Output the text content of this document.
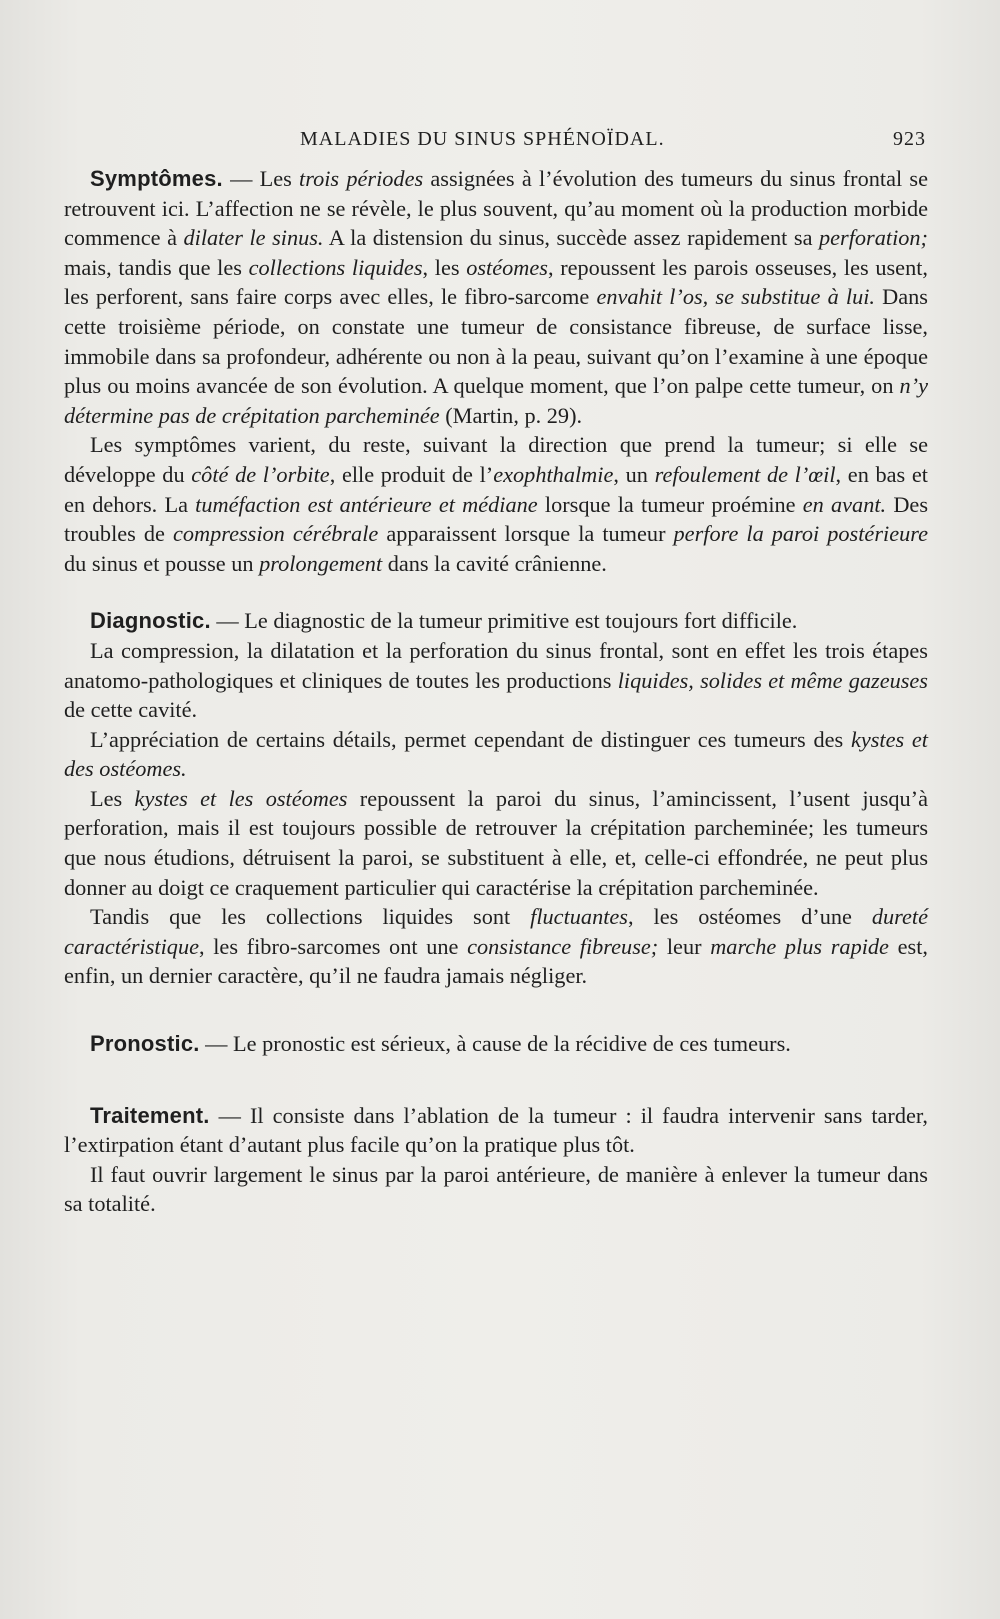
MALADIES DU SINUS SPHÉNOÏDAL.	923

Symptômes. — Les trois périodes assignées à l’évolution des tumeurs du sinus frontal se retrouvent ici. L’affection ne se révèle, le plus souvent, qu’au moment où la production morbide commence à dilater le sinus. A la distension du sinus, succède assez rapidement sa perforation; mais, tandis que les collections liquides, les ostéomes, repoussent les parois osseuses, les usent, les perforent, sans faire corps avec elles, le fibro-sarcome envahit l’os, se substitue à lui. Dans cette troisième période, on constate une tumeur de consistance fibreuse, de surface lisse, immobile dans sa profondeur, adhérente ou non à la peau, suivant qu’on l’examine à une époque plus ou moins avancée de son évolution. A quelque moment, que l’on palpe cette tumeur, on n’y détermine pas de crépitation parcheminée (Martin, p. 29).

Les symptômes varient, du reste, suivant la direction que prend la tumeur; si elle se développe du côté de l’orbite, elle produit de l’exophthalmie, un refoulement de l’œil, en bas et en dehors. La tuméfaction est antérieure et médiane lorsque la tumeur proémine en avant. Des troubles de compression cérébrale apparaissent lorsque la tumeur perfore la paroi postérieure du sinus et pousse un prolongement dans la cavité crânienne.

Diagnostic. — Le diagnostic de la tumeur primitive est toujours fort difficile.

La compression, la dilatation et la perforation du sinus frontal, sont en effet les trois étapes anatomo-pathologiques et cliniques de toutes les productions liquides, solides et même gazeuses de cette cavité.

L’appréciation de certains détails, permet cependant de distinguer ces tumeurs des kystes et des ostéomes.

Les kystes et les ostéomes repoussent la paroi du sinus, l’amincissent, l’usent jusqu’à perforation, mais il est toujours possible de retrouver la crépitation parcheminée; les tumeurs que nous étudions, détruisent la paroi, se substituent à elle, et, celle-ci effondrée, ne peut plus donner au doigt ce craquement particulier qui caractérise la crépitation parcheminée.

Tandis que les collections liquides sont fluctuantes, les ostéomes d’une dureté caractéristique, les fibro-sarcomes ont une consistance fibreuse; leur marche plus rapide est, enfin, un dernier caractère, qu’il ne faudra jamais négliger.

Pronostic. — Le pronostic est sérieux, à cause de la récidive de ces tumeurs.

Traitement. — Il consiste dans l’ablation de la tumeur : il faudra intervenir sans tarder, l’extirpation étant d’autant plus facile qu’on la pratique plus tôt.

Il faut ouvrir largement le sinus par la paroi antérieure, de manière à enlever la tumeur dans sa totalité.
